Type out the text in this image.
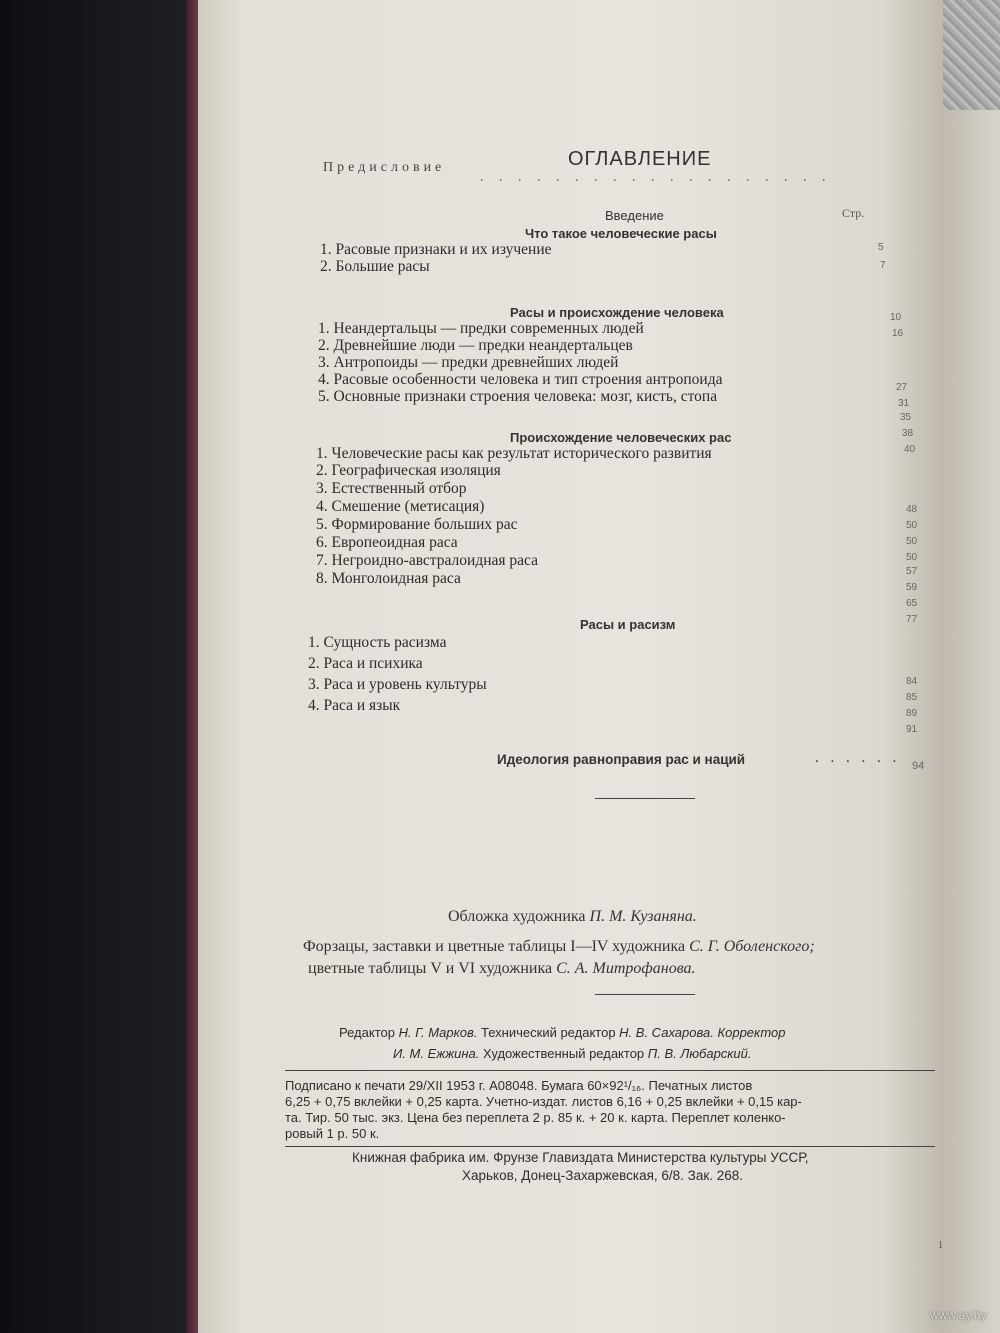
ОГЛАВЛЕНИЕ
Предисловие
. . . . . . . . . . . . . . . . . . .
Введение	Стр.
Что такое человеческие расы
1. Расовые признаки и их изучение
2. Большие расы
Расы и происхождение человека
1. Неандертальцы — предки современных людей
2. Древнейшие люди — предки неандертальцев
3. Антропоиды — предки древнейших людей
4. Расовые особенности человека и тип строения антропоида
5. Основные признаки строения человека: мозг, кисть, стопа
Происхождение человеческих рас
1. Человеческие расы как результат исторического развития
2. Географическая изоляция
3. Естественный отбор
4. Смешение (метисация)
5. Формирование больших рас
6. Европеоидная раса
7. Негроидно-австралоидная раса
8. Монголоидная раса
Расы и расизм
1. Сущность расизма
2. Раса и психика
3. Раса и уровень культуры
4. Раса и язык
Идеология равноправия рас и наций	. . . . . . 94
5
7
10
16
27
31
35
38
40
48
50
50
50
57
59
65
77
84
85
89
91
Обложка художника П. М. Кузаняна.
Форзацы, заставки и цветные таблицы I—IV художника С. Г. Оболенского;
цветные таблицы V и VI художника С. А. Митрофанова.
Редактор Н. Г. Марков. Технический редактор Н. В. Сахарова. Корректор
И. М. Ежжина. Художественный редактор П. В. Любарский.
Подписано к печати 29/XII 1953 г. А08048. Бумага 60×92¹/₁₆. Печатных листов
6,25 + 0,75 вклейки + 0,25 карта. Учетно-издат. листов 6,16 + 0,25 вклейки + 0,15 кар-
та. Тир. 50 тыс. экз. Цена без переплета 2 р. 85 к. + 20 к. карта. Переплет коленко-
ровый 1 р. 50 к.
Книжная фабрика им. Фрунзе Главиздата Министерства культуры УССР,
Харьков, Донец-Захаржевская, 6/8. Зак. 268.
1
www.ay.by
